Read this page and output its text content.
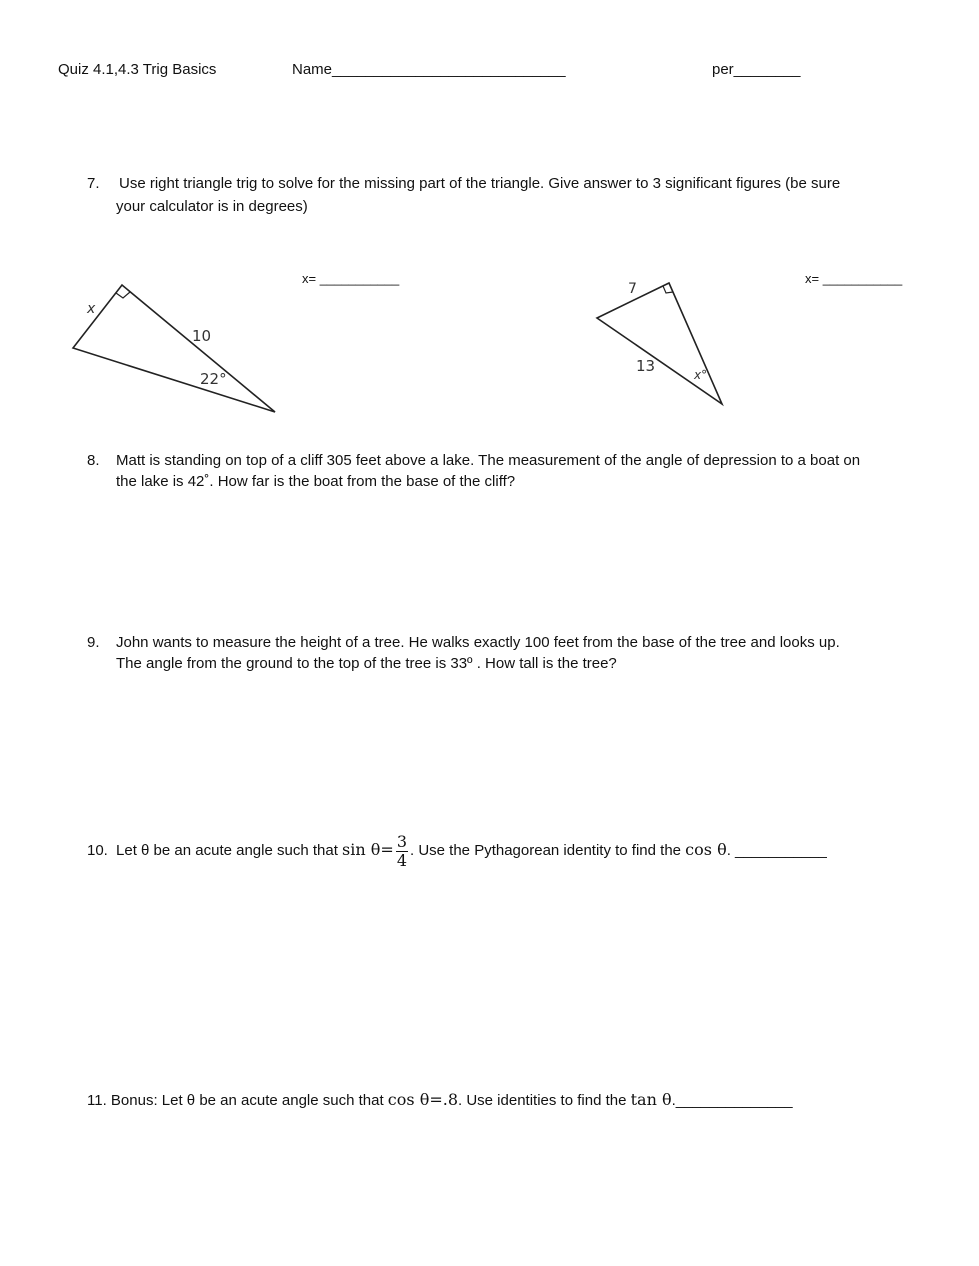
Quiz 4.1,4.3 Trig Basics	Name____________________________	per________
7. Use right triangle trig to solve for the missing part of the triangle. Give answer to 3 significant figures (be sure
your calculator is in degrees)
x= ___________	x= ___________
x
10
22°
7
13	x°
8. Matt is standing on top of a cliff 305 feet above a lake. The measurement of the angle of depression to a boat on
the lake is 42˚. How far is the boat from the base of the cliff?
9. John wants to measure the height of a tree. He walks exactly 100 feet from the base of the tree and looks up.
The angle from the ground to the top of the tree is 33º . How tall is the tree?
10. Let θ be an acute angle such that $\sin \theta= \frac{3}{4}$ . Use the Pythagorean identity to find the cos θ. ___________
11. Bonus: Let θ be an acute angle such that cos θ=.8. Use identities to find the tan θ.______________
